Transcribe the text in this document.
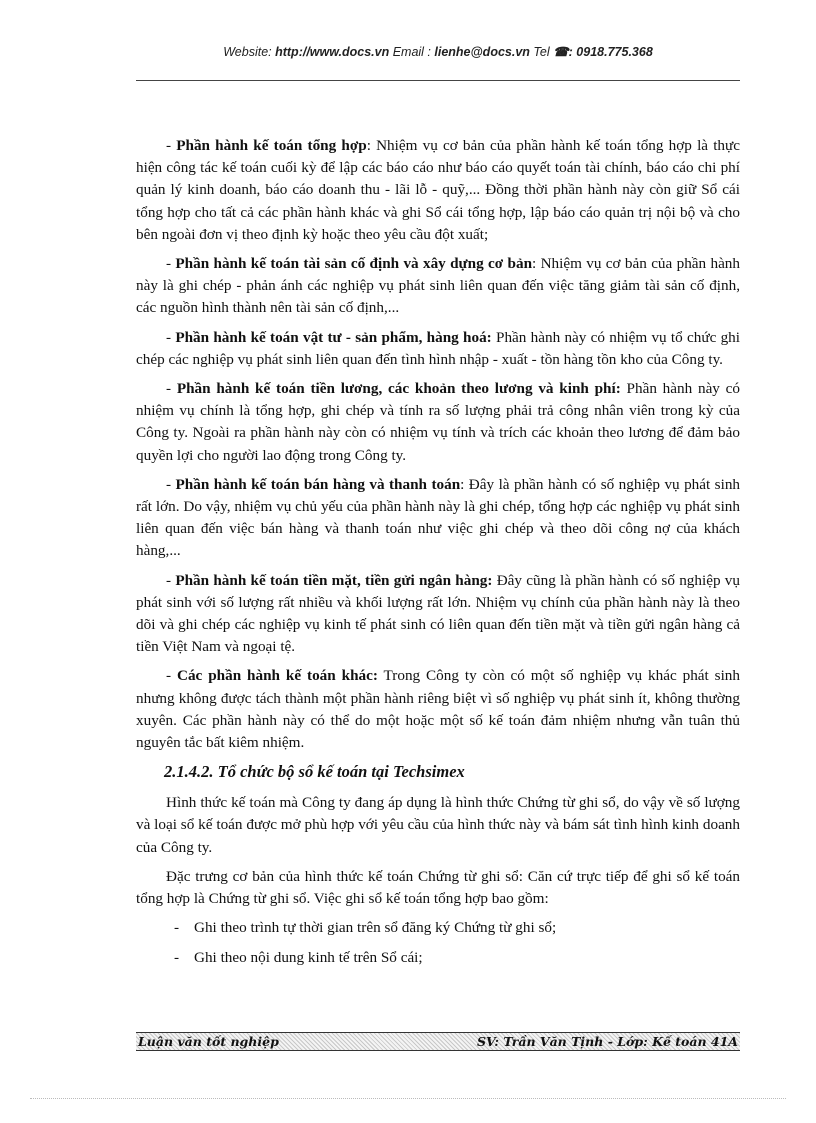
Website: http://www.docs.vn Email : lienhe@docs.vn Tel ☎: 0918.775.368

- Phần hành kế toán tổng hợp: Nhiệm vụ cơ bản của phần hành kế toán tổng hợp là thực hiện công tác kế toán cuối kỳ để lập các báo cáo như báo cáo quyết toán tài chính, báo cáo chi phí quản lý kinh doanh, báo cáo doanh thu - lãi lỗ - quỹ,... Đồng thời phần hành này còn giữ Sổ cái tổng hợp cho tất cả các phần hành khác và ghi Sổ cái tổng hợp, lập báo cáo quản trị nội bộ và cho bên ngoài đơn vị theo định kỳ hoặc theo yêu cầu đột xuất;

- Phần hành kế toán tài sản cố định và xây dựng cơ bản: Nhiệm vụ cơ bản của phần hành này là ghi chép - phản ánh các nghiệp vụ phát sinh liên quan đến việc tăng giảm tài sản cố định, các nguồn hình thành nên tài sản cố định,...

- Phần hành kế toán vật tư - sản phẩm, hàng hoá: Phần hành này có nhiệm vụ tổ chức ghi chép các nghiệp vụ phát sinh liên quan đến tình hình nhập - xuất - tồn hàng tồn kho của Công ty.

- Phần hành kế toán tiền lương, các khoản theo lương và kinh phí: Phần hành này có nhiệm vụ chính là tổng hợp, ghi chép và tính ra số lượng phải trả công nhân viên trong kỳ của Công ty. Ngoài ra phần hành này còn có nhiệm vụ tính và trích các khoản theo lương để đảm bảo quyền lợi cho người lao động trong Công ty.

- Phần hành kế toán bán hàng và thanh toán: Đây là phần hành có số nghiệp vụ phát sinh rất lớn. Do vậy, nhiệm vụ chủ yếu của phần hành này là ghi chép, tổng hợp các nghiệp vụ phát sinh liên quan đến việc bán hàng và thanh toán như việc ghi chép và theo dõi công nợ của khách hàng,...

- Phần hành kế toán tiền mặt, tiền gửi ngân hàng: Đây cũng là phần hành có số nghiệp vụ phát sinh với số lượng rất nhiều và khối lượng rất lớn. Nhiệm vụ chính của phần hành này là theo dõi và ghi chép các nghiệp vụ kinh tế phát sinh có liên quan đến tiền mặt và tiền gửi ngân hàng cả tiền Việt Nam và ngoại tệ.

- Các phần hành kế toán khác: Trong Công ty còn có một số nghiệp vụ khác phát sinh nhưng không được tách thành một phần hành riêng biệt vì số nghiệp vụ phát sinh ít, không thường xuyên. Các phần hành này có thể do một hoặc một số kế toán đảm nhiệm nhưng vẫn tuân thủ nguyên tắc bất kiêm nhiệm.

2.1.4.2. Tổ chức bộ sổ kế toán tại Techsimex

Hình thức kế toán mà Công ty đang áp dụng là hình thức Chứng từ ghi sổ, do vậy về số lượng và loại sổ kế toán được mở phù hợp với yêu cầu của hình thức này và bám sát tình hình kinh doanh của Công ty.

Đặc trưng cơ bản của hình thức kế toán Chứng từ ghi sổ: Căn cứ trực tiếp để ghi sổ kế toán tổng hợp là Chứng từ ghi sổ. Việc ghi sổ kế toán tổng hợp bao gồm:

- Ghi theo trình tự thời gian trên sổ đăng ký Chứng từ ghi sổ;
- Ghi theo nội dung kinh tế trên Sổ cái;
Luận văn tốt nghiệp	SV: Trần Văn Tịnh - Lớp: Kế toán 41A
